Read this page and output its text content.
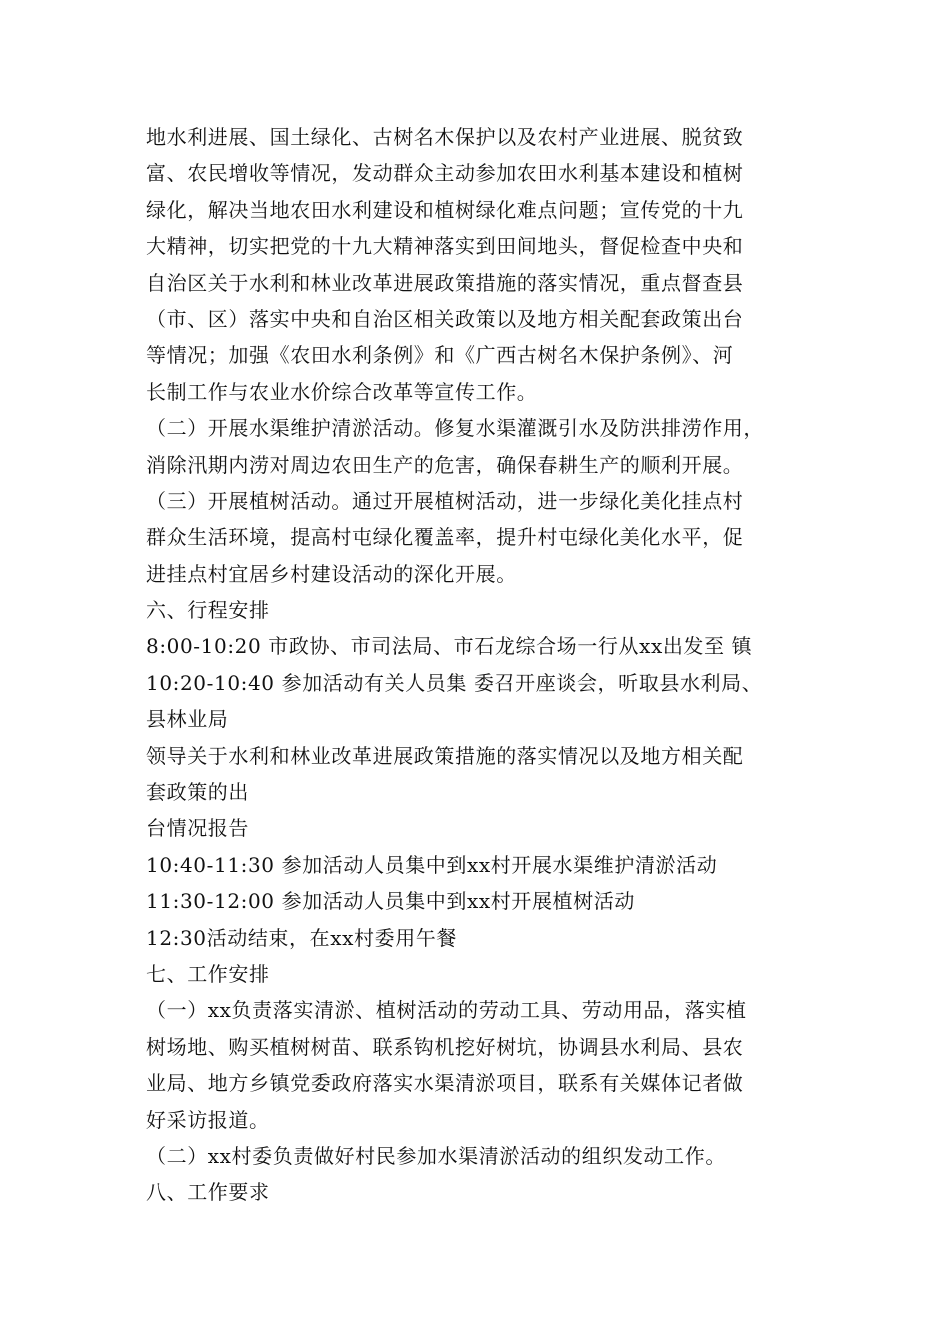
地水利进展、国土绿化、古树名木保护以及农村产业进展、脱贫致
富、农民增收等情况，发动群众主动参加农田水利基本建设和植树
绿化，解决当地农田水利建设和植树绿化难点问题；宣传党的十九
大精神，切实把党的十九大精神落实到田间地头，督促检查中央和
自治区关于水利和林业改革进展政策措施的落实情况，重点督查县
（市、区）落实中央和自治区相关政策以及地方相关配套政策出台
等情况；加强《农田水利条例》和《广西古树名木保护条例》、河
长制工作与农业水价综合改革等宣传工作。
（二）开展水渠维护清淤活动。修复水渠灌溉引水及防洪排涝作用，
消除汛期内涝对周边农田生产的危害，确保春耕生产的顺利开展。
（三）开展植树活动。通过开展植树活动，进一步绿化美化挂点村
群众生活环境，提高村屯绿化覆盖率，提升村屯绿化美化水平，促
进挂点村宜居乡村建设活动的深化开展。
六、行程安排
8:00-10:20 市政协、市司法局、市石龙综合场一行从xx出发至 镇
10:20-10:40 参加活动有关人员集 委召开座谈会，听取县水利局、
县林业局
领导关于水利和林业改革进展政策措施的落实情况以及地方相关配
套政策的出
台情况报告
10:40-11:30 参加活动人员集中到xx村开展水渠维护清淤活动
11:30-12:00 参加活动人员集中到xx村开展植树活动
12:30活动结束，在xx村委用午餐
七、工作安排
（一）xx负责落实清淤、植树活动的劳动工具、劳动用品，落实植
树场地、购买植树树苗、联系钩机挖好树坑，协调县水利局、县农
业局、地方乡镇党委政府落实水渠清淤项目，联系有关媒体记者做
好采访报道。
（二）xx村委负责做好村民参加水渠清淤活动的组织发动工作。
八、工作要求
